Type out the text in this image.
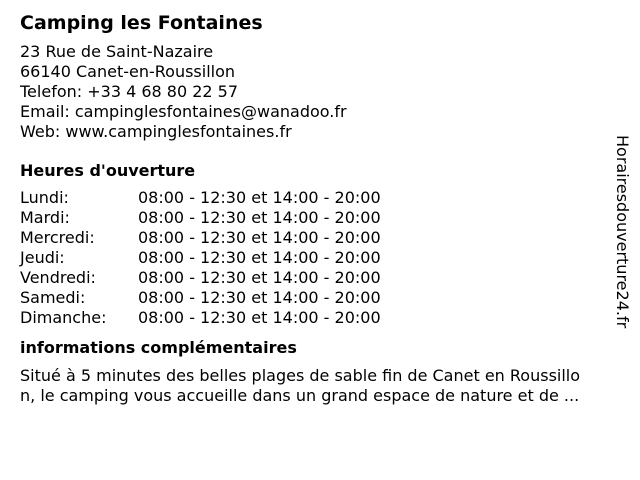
Camping les Fontaines
23 Rue de Saint-Nazaire
66140 Canet-en-Roussillon
Telefon: +33 4 68 80 22 57
Email: campinglesfontaines@wanadoo.fr
Web: www.campinglesfontaines.fr
Heures d'ouverture
Lundi:	08:00 - 12:30 et 14:00 - 20:00
Mardi:	08:00 - 12:30 et 14:00 - 20:00
Mercredi:	08:00 - 12:30 et 14:00 - 20:00
Jeudi:	08:00 - 12:30 et 14:00 - 20:00
Vendredi:	08:00 - 12:30 et 14:00 - 20:00
Samedi:	08:00 - 12:30 et 14:00 - 20:00
Dimanche: 08:00 - 12:30 et 14:00 - 20:00
informations complémentaires
Situé à 5 minutes des belles plages de sable fin de Canet en Roussillo
n, le camping vous accueille dans un grand espace de nature et de ...
Horairesdouverture24.fr
